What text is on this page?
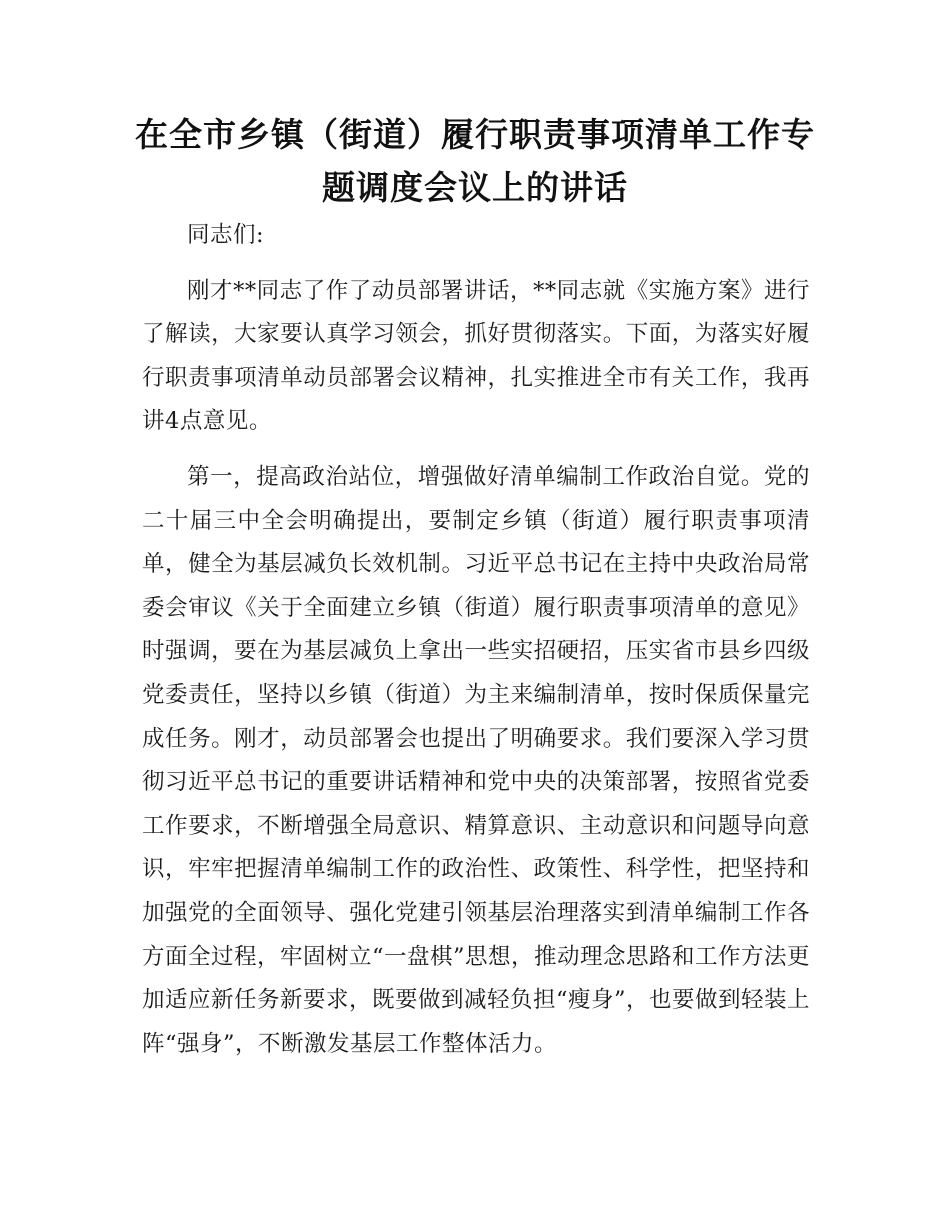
在全市乡镇（街道）履行职责事项清单工作专题调度会议上的讲话

同志们:

刚才**同志了作了动员部署讲话，**同志就《实施方案》进行了解读，大家要认真学习领会，抓好贯彻落实。下面，为落实好履行职责事项清单动员部署会议精神，扎实推进全市有关工作，我再讲4点意见。

第一，提高政治站位，增强做好清单编制工作政治自觉。党的二十届三中全会明确提出，要制定乡镇（街道）履行职责事项清单，健全为基层减负长效机制。习近平总书记在主持中央政治局常委会审议《关于全面建立乡镇（街道）履行职责事项清单的意见》时强调，要在为基层减负上拿出一些实招硬招，压实省市县乡四级党委责任，坚持以乡镇（街道）为主来编制清单，按时保质保量完成任务。刚才，动员部署会也提出了明确要求。我们要深入学习贯彻习近平总书记的重要讲话精神和党中央的决策部署，按照省党委工作要求，不断增强全局意识、精算意识、主动意识和问题导向意识，牢牢把握清单编制工作的政治性、政策性、科学性，把坚持和加强党的全面领导、强化党建引领基层治理落实到清单编制工作各方面全过程，牢固树立“一盘棋”思想，推动理念思路和工作方法更加适应新任务新要求，既要做到减轻负担“瘦身”，也要做到轻装上阵“强身”，不断激发基层工作整体活力。
